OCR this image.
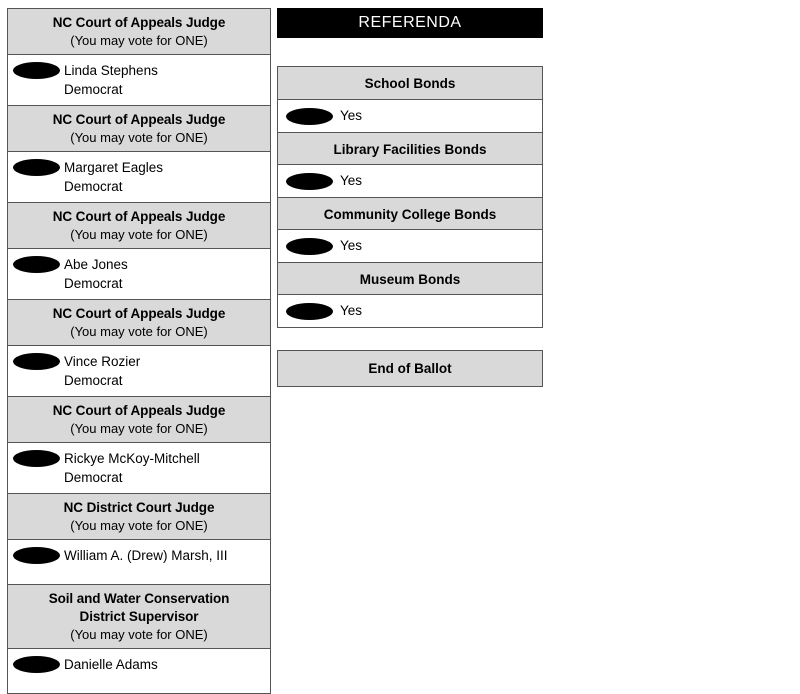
NC Court of Appeals Judge
(You may vote for ONE)
Linda Stephens
Democrat
NC Court of Appeals Judge
(You may vote for ONE)
Margaret Eagles
Democrat
NC Court of Appeals Judge
(You may vote for ONE)
Abe Jones
Democrat
NC Court of Appeals Judge
(You may vote for ONE)
Vince Rozier
Democrat
NC Court of Appeals Judge
(You may vote for ONE)
Rickye McKoy-Mitchell
Democrat
NC District Court Judge
(You may vote for ONE)
William A. (Drew) Marsh, III
Soil and Water Conservation
District Supervisor
(You may vote for ONE)
Danielle Adams
REFERENDA
School Bonds
Yes
Library Facilities Bonds
Yes
Community College Bonds
Yes
Museum Bonds
Yes
End of Ballot
